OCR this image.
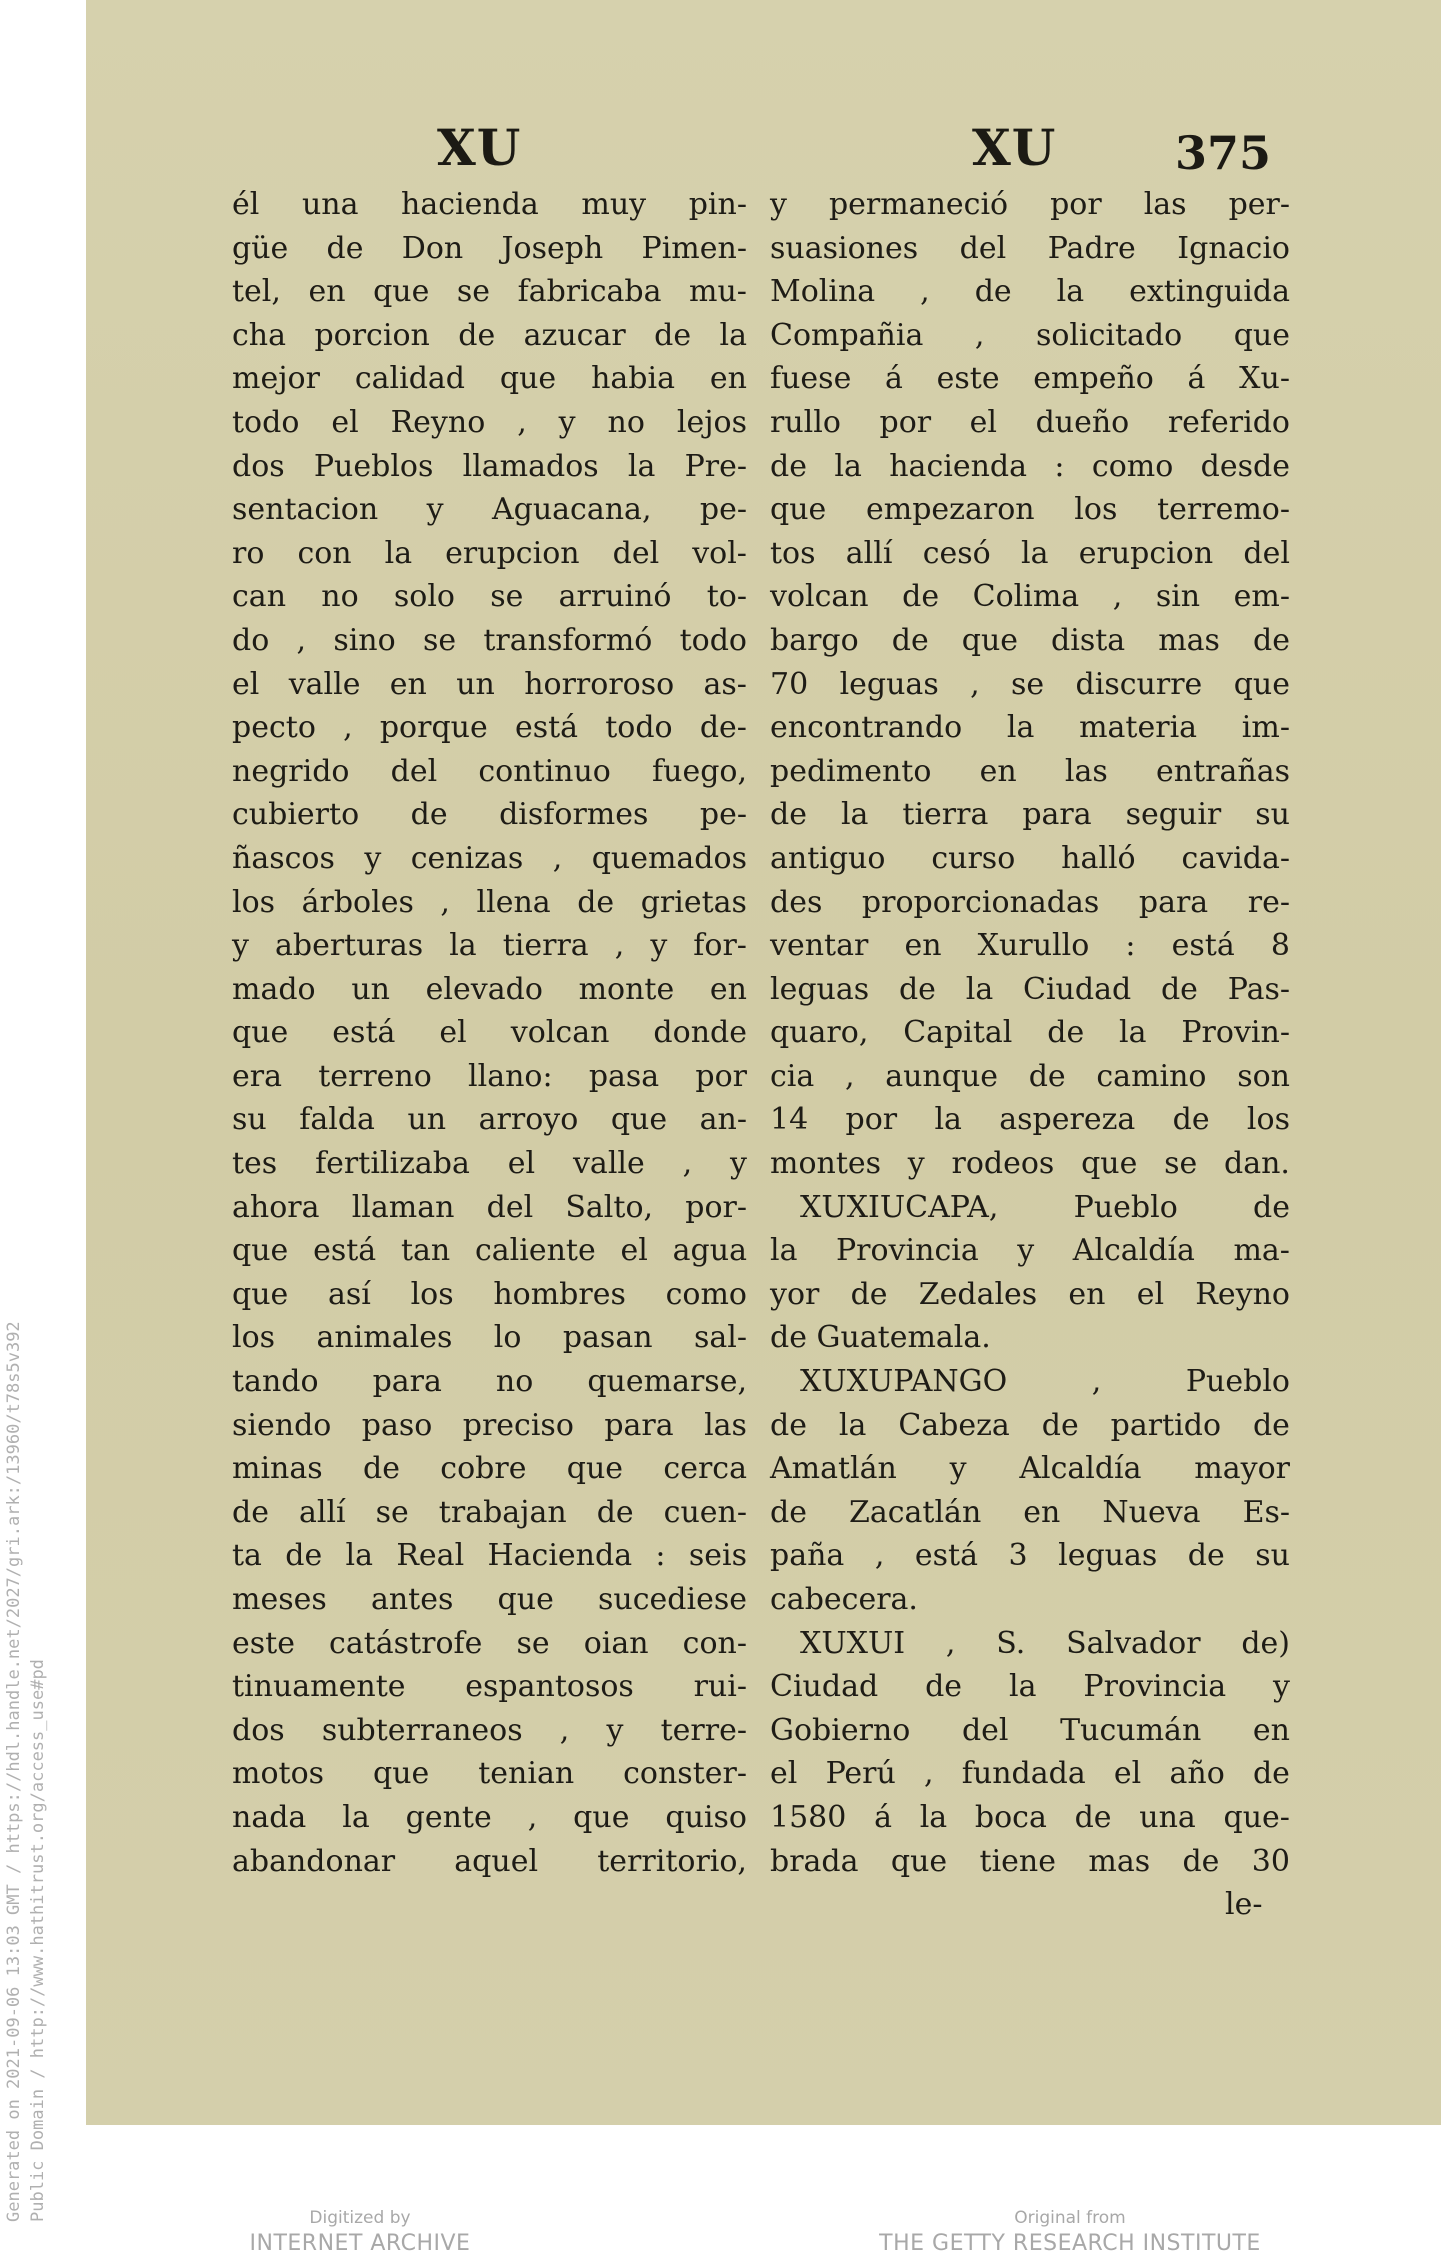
Generated on 2021-09-06 13:03 GMT / https://hdl.handle.net/2027/gri.ark:/13960/t78s5v392 Public Domain / http://www.hathitrust.org/access_use#pd
XU	XU	375
él una hacienda muy pin-
güe de Don Joseph Pimen-
tel, en que se fabricaba mu-
cha porcion de azucar de la
mejor calidad que habia en
todo el Reyno , y no lejos
dos Pueblos llamados la Pre-
sentacion y Aguacana, pe-
ro con la erupcion del vol-
can no solo se arruinó to-
do , sino se transformó todo
el valle en un horroroso as-
pecto , porque está todo de-
negrido del continuo fuego,
cubierto de disformes pe-
ñascos y cenizas , quemados
los árboles , llena de grietas
y aberturas la tierra , y for-
mado un elevado monte en
que está el volcan donde
era terreno llano: pasa por
su falda un arroyo que an-
tes fertilizaba el valle , y
ahora llaman del Salto, por-
que está tan caliente el agua
que así los hombres como
los animales lo pasan sal-
tando para no quemarse,
siendo paso preciso para las
minas de cobre que cerca
de allí se trabajan de cuen-
ta de la Real Hacienda : seis
meses antes que sucediese
este catástrofe se oian con-
tinuamente espantosos rui-
dos subterraneos , y terre-
motos que tenian conster-
nada la gente , que quiso
abandonar aquel territorio,
y permaneció por las per-
suasiones del Padre Ignacio
Molina , de la extinguida
Compañia , solicitado que
fuese á este empeño á Xu-
rullo por el dueño referido
de la hacienda : como desde
que empezaron los terremo-
tos allí cesó la erupcion del
volcan de Colima , sin em-
bargo de que dista mas de
70 leguas , se discurre que
encontrando la materia im-
pedimento en las entrañas
de la tierra para seguir su
antiguo curso halló cavida-
des proporcionadas para re-
ventar en Xurullo : está 8
leguas de la Ciudad de Pas-
quaro, Capital de la Provin-
cia , aunque de camino son
14 por la aspereza de los
montes y rodeos que se dan.
XUXIUCAPA,	Pueblo	de
la Provincia y Alcaldía ma-
yor de Zedales en el Reyno
de Guatemala.
XUXUPANGO	,	Pueblo
de la Cabeza de partido de
Amatlán y Alcaldía mayor
de Zacatlán en Nueva Es-
paña , está 3 leguas de su
cabecera.
XUXUI , S. Salvador de)
Ciudad de la Provincia y
Gobierno del Tucumán en
el Perú , fundada el año de
1580 á la boca de una que-
brada que tiene mas de 30
le-
Digitized by
INTERNET ARCHIVE
Original from
THE GETTY RESEARCH INSTITUTE
